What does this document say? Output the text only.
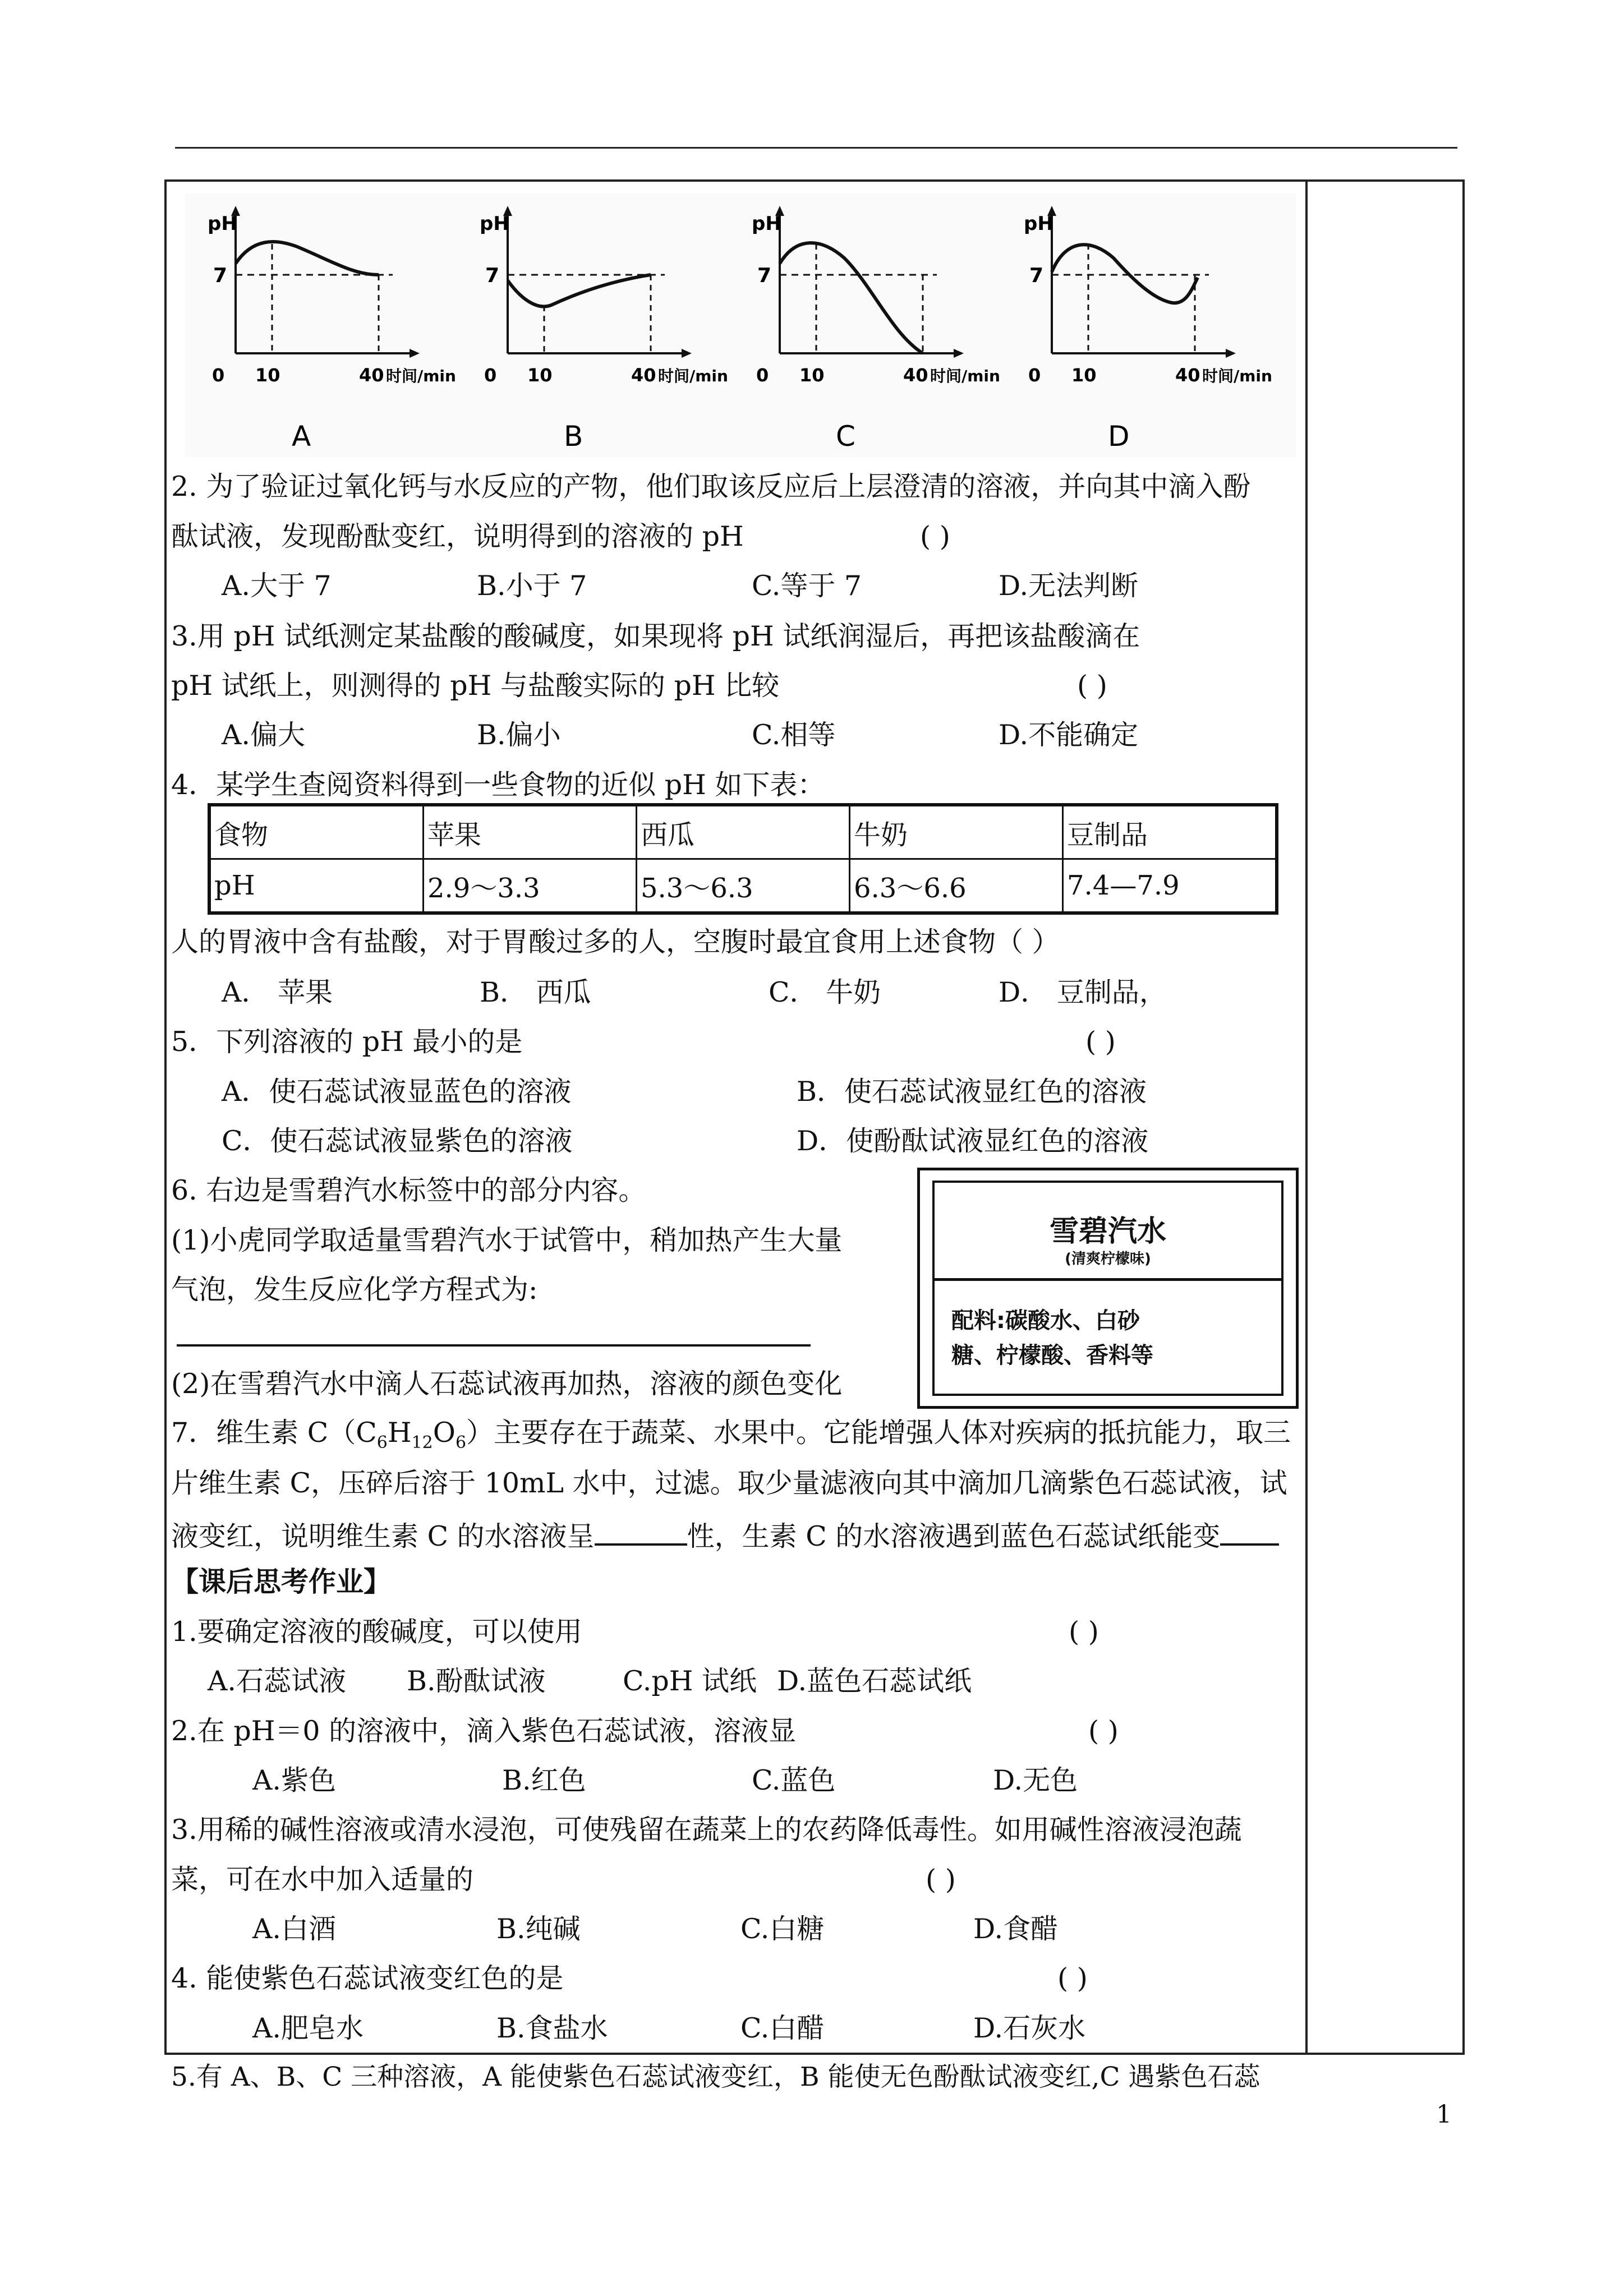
pH
7
0 10	40 时间/min
A
pH
7
0 10	40 时间/min
B
pH
7
0 10	40 时间/min
C
pH
7
0 10	40 时间/min
D
2. 为了验证过氧化钙与水反应的产物，他们取该反应后上层澄清的溶液，并向其中滴入酚
酞试液，发现酚酞变红，说明得到的溶液的 pH	( )
A.大于 7	B.小于 7	C.等于 7	D.无法判断
3.用 pH 试纸测定某盐酸的酸碱度，如果现将 pH 试纸润湿后，再把该盐酸滴在
pH 试纸上，则测得的 pH 与盐酸实际的 pH 比较	( )
A.偏大	B.偏小	C.相等	D.不能确定
4．某学生查阅资料得到一些食物的近似 pH 如下表：
食物	苹果	西瓜	牛奶	豆制品
pH	2.9～3.3	5.3～6.3	6.3～6.6	7.4—7.9
人的胃液中含有盐酸，对于胃酸过多的人，空腹时最宜食用上述食物（ ）
A． 苹果	B． 西瓜	C． 牛奶	D． 豆制品，
5．下列溶液的 pH 最小的是	( )
A．使石蕊试液显蓝色的溶液	B．使石蕊试液显红色的溶液
C．使石蕊试液显紫色的溶液	D．使酚酞试液显红色的溶液
6. 右边是雪碧汽水标签中的部分内容。
(1)小虎同学取适量雪碧汽水于试管中，稍加热产生大量
气泡，发生反应化学方程式为:
(2)在雪碧汽水中滴人石蕊试液再加热，溶液的颜色变化
雪碧汽水
(清爽柠檬味)
配料:碳酸水、白砂
糖、柠檬酸、香料等
7．维生素 $C(C_6H_{12}O_6)$主要存在于蔬菜、水果中。它能增强人体对疾病的抵抗能力，取三
片维生素 C，压碎后溶于 10mL 水中，过滤。取少量滤液向其中滴加几滴紫色石蕊试液，试
液变红，说明维生素 C 的水溶液呈	性，生素 C 的水溶液遇到蓝色石蕊试纸能变
【课后思考作业】
1.要确定溶液的酸碱度，可以使用	( )
A.石蕊试液 B.酚酞试液	C.pH 试纸 D.蓝色石蕊试纸
2.在 pH＝0 的溶液中，滴入紫色石蕊试液，溶液显	( )
A.紫色	B.红色	C.蓝色	D.无色
3.用稀的碱性溶液或清水浸泡，可使残留在蔬菜上的农药降低毒性。如用碱性溶液浸泡蔬
菜，可在水中加入适量的	( )
A.白酒	B.纯碱	C.白糖	D.食醋
4. 能使紫色石蕊试液变红色的是	( )
A.肥皂水	B.食盐水	C.白醋	D.石灰水
5.有 A、B、C 三种溶液，A 能使紫色石蕊试液变红，B 能使无色酚酞试液变红,C 遇紫色石蕊
1
